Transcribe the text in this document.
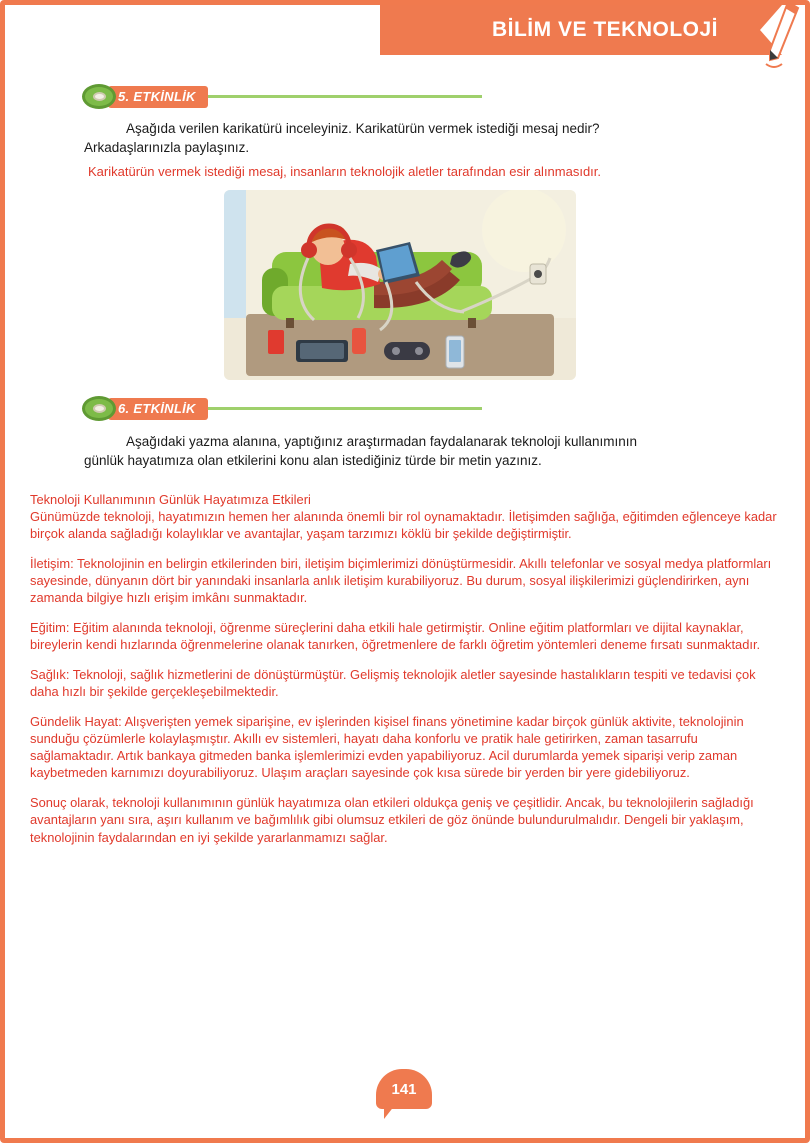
BİLİM VE TEKNOLOJİ
5. ETKİNLİK
Aşağıda verilen karikatürü inceleyiniz. Karikatürün vermek istediği mesaj nedir?
Arkadaşlarınızla paylaşınız.
Karikatürün vermek istediği mesaj, insanların teknolojik aletler tarafından esir alınmasıdır.
6. ETKİNLİK
Aşağıdaki yazma alanına, yaptığınız araştırmadan faydalanarak teknoloji kullanımının
günlük hayatımıza olan etkilerini konu alan istediğiniz türde bir metin yazınız.

Teknoloji Kullanımının Günlük Hayatımıza Etkileri
Günümüzde teknoloji, hayatımızın hemen her alanında önemli bir rol oynamaktadır. İletişimden sağlığa, eğitimden eğlenceye kadar birçok alanda sağladığı kolaylıklar ve avantajlar, yaşam tarzımızı köklü bir şekilde değiştirmiştir.

İletişim: Teknolojinin en belirgin etkilerinden biri, iletişim biçimlerimizi dönüştürmesidir. Akıllı telefonlar ve sosyal medya platformları sayesinde, dünyanın dört bir yanındaki insanlarla anlık iletişim kurabiliyoruz. Bu durum, sosyal ilişkilerimizi güçlendirirken, aynı zamanda bilgiye hızlı erişim imkânı sunmaktadır.

Eğitim: Eğitim alanında teknoloji, öğrenme süreçlerini daha etkili hale getirmiştir. Online eğitim platformları ve dijital kaynaklar, bireylerin kendi hızlarında öğrenmelerine olanak tanırken, öğretmenlere de farklı öğretim yöntemleri deneme fırsatı sunmaktadır.

Sağlık: Teknoloji, sağlık hizmetlerini de dönüştürmüştür. Gelişmiş teknolojik aletler sayesinde hastalıkların tespiti ve tedavisi çok daha hızlı bir şekilde gerçekleşebilmektedir.

Gündelik Hayat: Alışverişten yemek siparişine, ev işlerinden kişisel finans yönetimine kadar birçok günlük aktivite, teknolojinin sunduğu çözümlerle kolaylaşmıştır. Akıllı ev sistemleri, hayatı daha konforlu ve pratik hale getirirken, zaman tasarrufu sağlamaktadır. Artık bankaya gitmeden banka işlemlerimizi evden yapabiliyoruz. Acil durumlarda yemek siparişi verip zaman kaybetmeden karnımızı doyurabiliyoruz. Ulaşım araçları sayesinde çok kısa sürede bir yerden bir yere gidebiliyoruz.

Sonuç olarak, teknoloji kullanımının günlük hayatımıza olan etkileri oldukça geniş ve çeşitlidir. Ancak, bu teknolojilerin sağladığı avantajların yanı sıra, aşırı kullanım ve bağımlılık gibi olumsuz etkileri de göz önünde bulundurulmalıdır. Dengeli bir yaklaşım, teknolojinin faydalarından en iyi şekilde yararlanmamızı sağlar.

141
